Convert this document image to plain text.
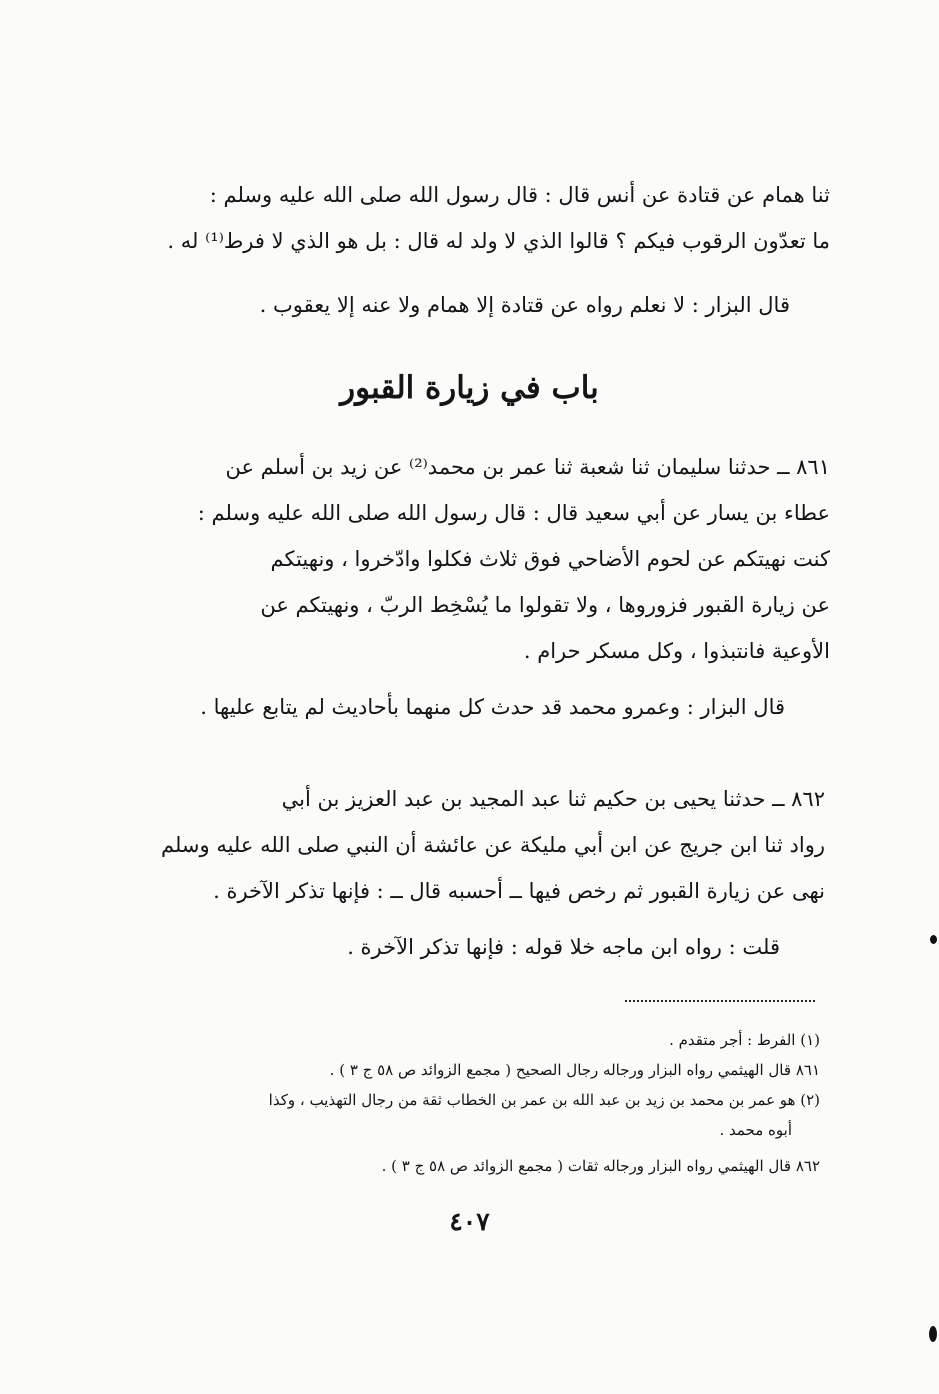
ثنا همام عن قتادة عن أنس قال : قال رسول الله صلى الله عليه وسلم :
ما تعدّون الرقوب فيكم ؟ قالوا الذي لا ولد له قال : بل هو الذي لا فرط⁽¹⁾ له .
قال البزار : لا نعلم رواه عن قتادة إلا همام ولا عنه إلا يعقوب .
باب في زيارة القبور
٨٦١ ــ حدثنا سليمان ثنا شعبة ثنا عمر بن محمد⁽²⁾ عن زيد بن أسلم عن
عطاء بن يسار عن أبي سعيد قال : قال رسول الله صلى الله عليه وسلم :
كنت نهيتكم عن لحوم الأضاحي فوق ثلاث فكلوا وادّخروا ، ونهيتكم
عن زيارة القبور فزوروها ، ولا تقولوا ما يُسْخِط الربّ ، ونهيتكم عن
الأوعية فانتبذوا ، وكل مسكر حرام .
قال البزار : وعمرو محمد قد حدث كل منهما بأحاديث لم يتابع عليها .
٨٦٢ ــ حدثنا يحيى بن حكيم ثنا عبد المجيد بن عبد العزيز بن أبي
رواد ثنا ابن جريج عن ابن أبي مليكة عن عائشة أن النبي صلى الله عليه وسلم
نهى عن زيارة القبور ثم رخص فيها ــ أحسبه قال ــ : فإنها تذكر الآخرة .
قلت : رواه ابن ماجه خلا قوله : فإنها تذكر الآخرة .
(١) الفرط : أجر متقدم .
٨٦١ قال الهيثمي رواه البزار ورجاله رجال الصحيح ( مجمع الزوائد ص ٥٨ ج ٣ ) .
(٢) هو عمر بن محمد بن زيد بن عبد الله بن عمر بن الخطاب ثقة من رجال التهذيب ، وكذا
أبوه محمد .
٨٦٢ قال الهيثمي رواه البزار ورجاله ثقات ( مجمع الزوائد ص ٥٨ ج ٣ ) .
٤٠٧
